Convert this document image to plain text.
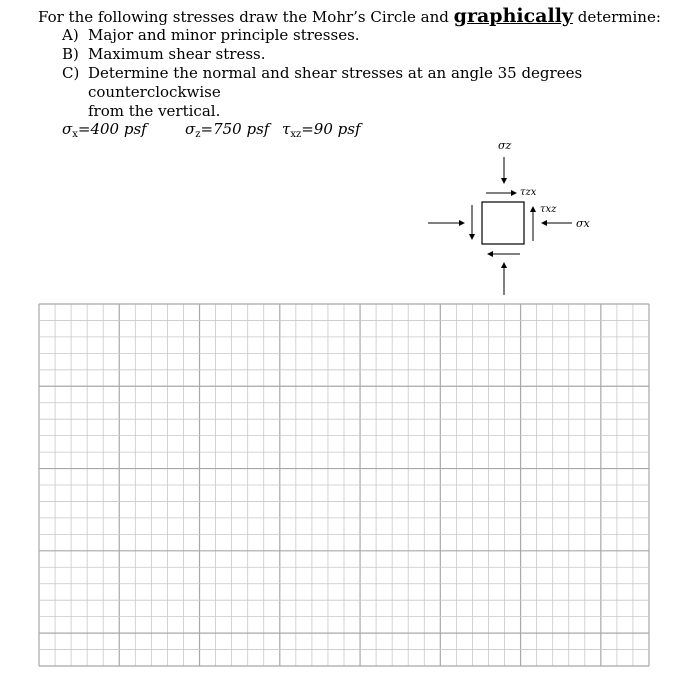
For the following stresses draw the Mohr’s Circle and graphically determine:
A) Major and minor principle stresses.
B) Maximum shear stress.
C) Determine the normal and shear stresses at an angle 35 degrees counterclockwise
from the vertical.
$\sigma_x=400$ psf	$\sigma_z=750$ psf $\tau_{xz}=90$ psf
σz
τzx
τxz
σx
